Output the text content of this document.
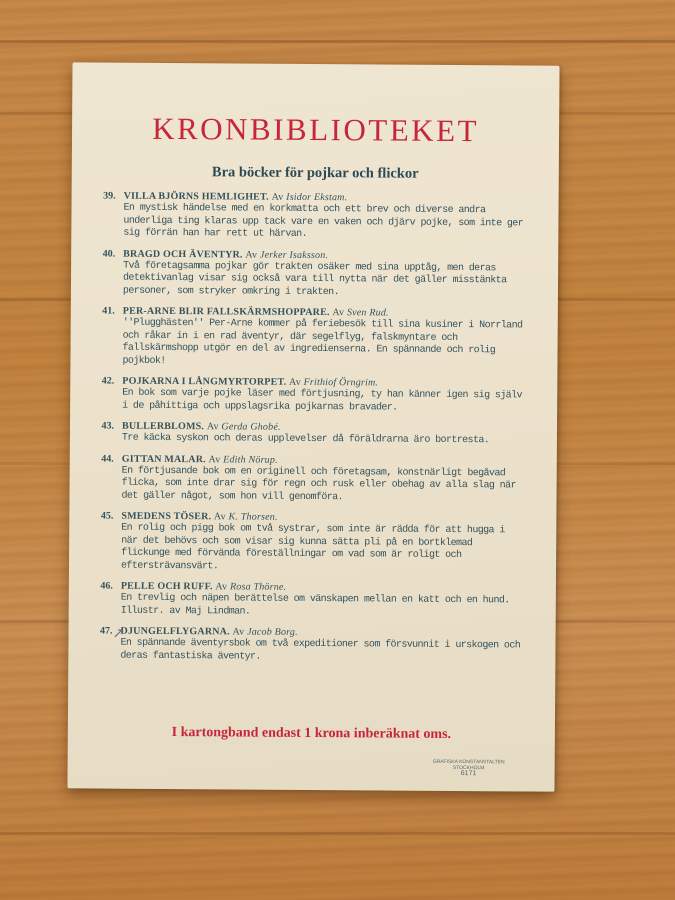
KRONBIBLIOTEKET
Bra böcker för pojkar och flickor
39. VILLA BJÖRNS HEMLIGHET. Av Isidor Ekstam.
En mystisk händelse med en korkmatta och ett brev och diverse andra underliga ting klaras upp tack vare en vaken och djärv pojke, som inte ger sig förrän han har rett ut härvan.
40. BRAGD OCH ÄVENTYR. Av Jerker Isaksson.
Två företagsamma pojkar gör trakten osäker med sina upptåg, men deras detektivanlag visar sig också vara till nytta när det gäller misstänkta personer, som stryker omkring i trakten.
41. PER-ARNE BLIR FALLSKÄRMSHOPPARE. Av Sven Rud.
''Plugghästen'' Per-Arne kommer på feriebesök till sina kusiner i Norrland och råkar in i en rad äventyr, där segelflyg, falskmyntare och fallskärmshopp utgör en del av ingredienserna. En spännande och rolig pojkbok!
42. POJKARNA I LÅNGMYRTORPET. Av Frithiof Örngrim.
En bok som varje pojke läser med förtjusning, ty han känner igen sig själv i de påhittiga och uppslagsrika pojkarnas bravader.
43. BULLERBLOMS. Av Gerda Ghobé.
Tre käcka syskon och deras upplevelser då föräldrarna äro bortresta.
44. GITTAN MALAR. Av Edith Nörup.
En förtjusande bok om en originell och företagsam, konstnärligt begåvad flicka, som inte drar sig för regn och rusk eller obehag av alla slag när det gäller något, som hon vill genomföra.
45. SMEDENS TÖSER. Av K. Thorsen.
En rolig och pigg bok om två systrar, som inte är rädda för att hugga i när det behövs och som visar sig kunna sätta pli på en bortklemad flickunge med förvända föreställningar om vad som är roligt och eftersträvansvärt.
46. PELLE OCH RUFF. Av Rosa Thörne.
En trevlig och näpen berättelse om vänskapen mellan en katt och en hund. Illustr. av Maj Lindman.
47. DJUNGELFLYGARNA. Av Jacob Borg.
En spännande äventyrsbok om två expeditioner som försvunnit i urskogen och deras fantastiska äventyr.
↗
I kartongband endast 1 krona inberäknat oms.
GRAFISKA KONSTANSTALTEN
STOCKHOLM
6171
